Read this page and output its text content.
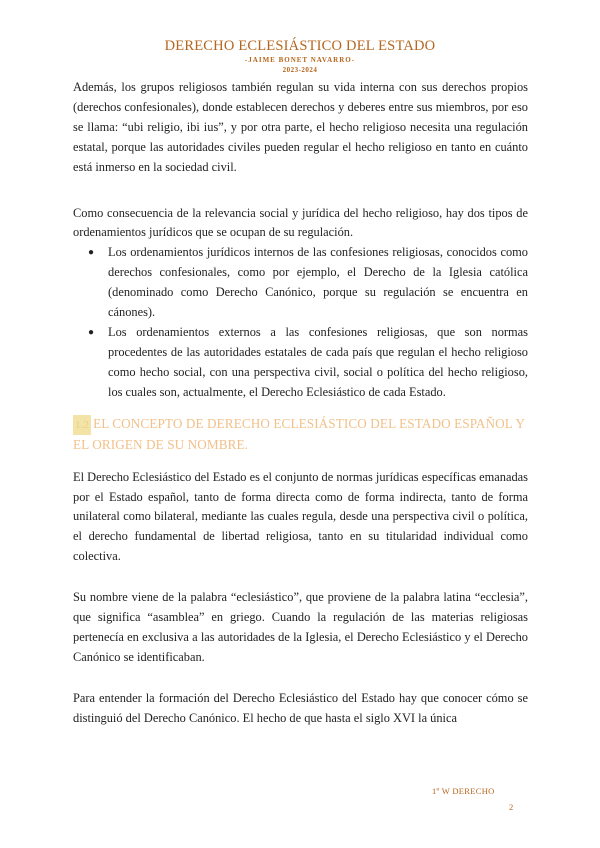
DERECHO ECLESIÁSTICO DEL ESTADO
-JAIME BONET NAVARRO-
2023-2024

Además, los grupos religiosos también regulan su vida interna con sus derechos propios (derechos confesionales), donde establecen derechos y deberes entre sus miembros, por eso se llama: “ubi religio, ibi ius”, y por otra parte, el hecho religioso necesita una regulación estatal, porque las autoridades civiles pueden regular el hecho religioso en tanto en cuánto está inmerso en la sociedad civil.

Como consecuencia de la relevancia social y jurídica del hecho religioso, hay dos tipos de ordenamientos jurídicos que se ocupan de su regulación.

● Los ordenamientos jurídicos internos de las confesiones religiosas, conocidos como derechos confesionales, como por ejemplo, el Derecho de la Iglesia católica (denominado como Derecho Canónico, porque su regulación se encuentra en cánones).
● Los ordenamientos externos a las confesiones religiosas, que son normas procedentes de las autoridades estatales de cada país que regulan el hecho religioso como hecho social, con una perspectiva civil, social o política del hecho religioso, los cuales son, actualmente, el Derecho Eclesiástico de cada Estado.
1.2 EL CONCEPTO DE DERECHO ECLESIÁSTICO DEL ESTADO ESPAÑOL Y EL ORIGEN DE SU NOMBRE.

El Derecho Eclesiástico del Estado es el conjunto de normas jurídicas específicas emanadas por el Estado español, tanto de forma directa como de forma indirecta, tanto de forma unilateral como bilateral, mediante las cuales regula, desde una perspectiva civil o política, el derecho fundamental de libertad religiosa, tanto en su titularidad individual como colectiva.

Su nombre viene de la palabra “eclesiástico”, que proviene de la palabra latina “ecclesia”, que significa “asamblea” en griego. Cuando la regulación de las materias religiosas pertenecía en exclusiva a las autoridades de la Iglesia, el Derecho Eclesiástico y el Derecho Canónico se identificaban.

Para entender la formación del Derecho Eclesiástico del Estado hay que conocer cómo se distinguió del Derecho Canónico. El hecho de que hasta el siglo XVI la única

1º W DERECHO
2
